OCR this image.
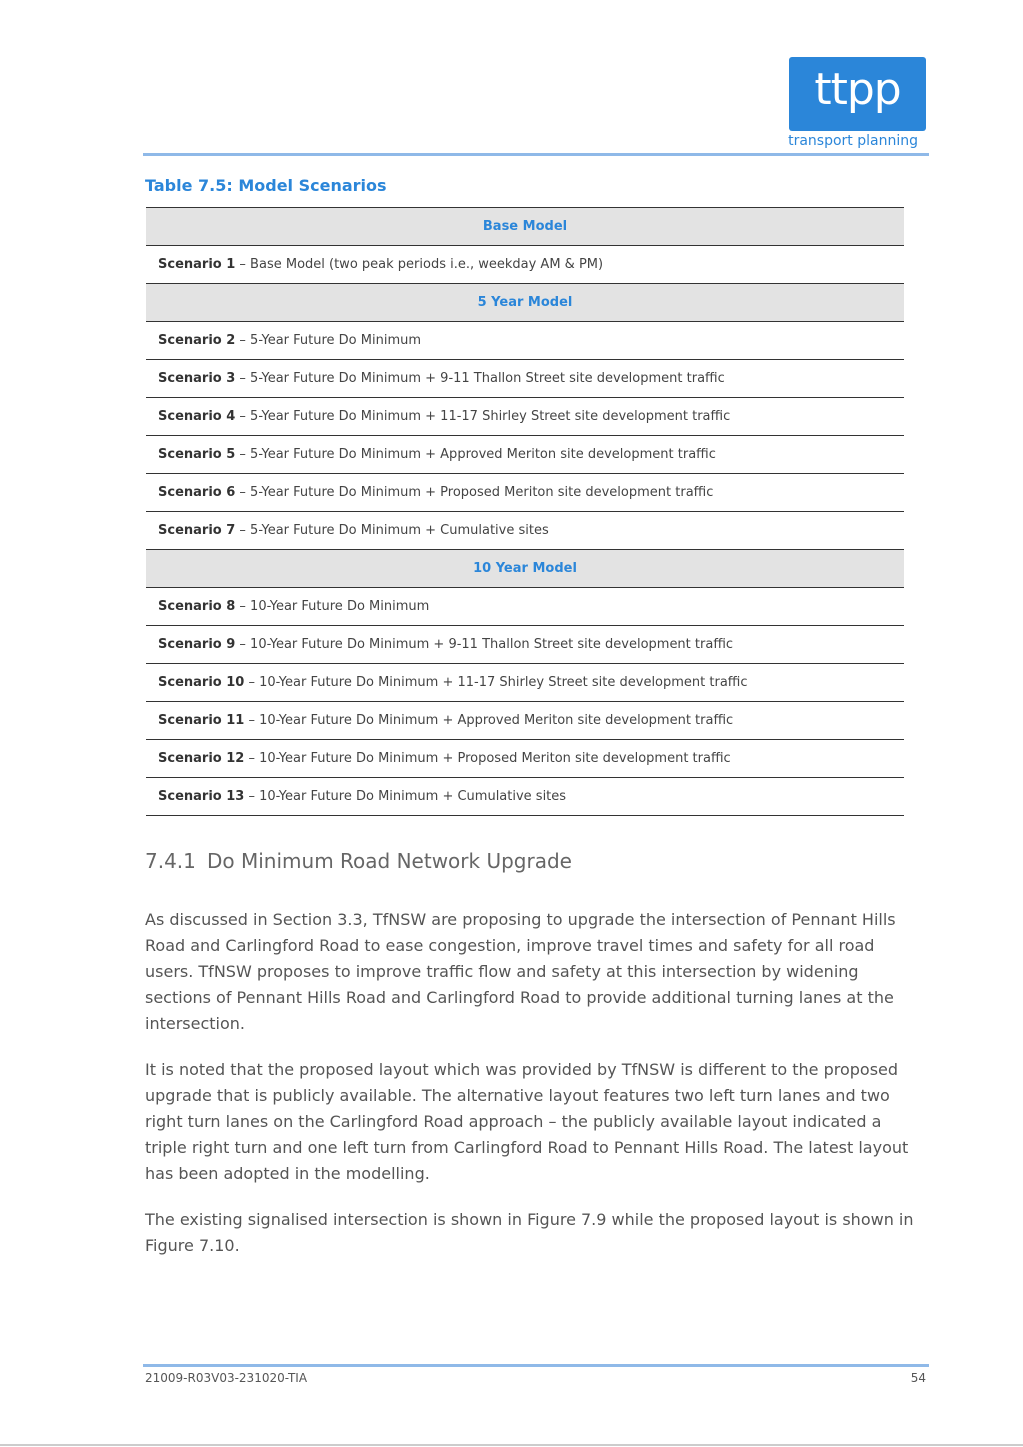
ttpp
transport planning
Table 7.5: Model Scenarios
Base Model
Scenario 1 – Base Model (two peak periods i.e., weekday AM & PM)
5 Year Model
Scenario 2 – 5-Year Future Do Minimum
Scenario 3 – 5-Year Future Do Minimum + 9-11 Thallon Street site development traffic
Scenario 4 – 5-Year Future Do Minimum + 11-17 Shirley Street site development traffic
Scenario 5 – 5-Year Future Do Minimum + Approved Meriton site development traffic
Scenario 6 – 5-Year Future Do Minimum + Proposed Meriton site development traffic
Scenario 7 – 5-Year Future Do Minimum + Cumulative sites
10 Year Model
Scenario 8 – 10-Year Future Do Minimum
Scenario 9 – 10-Year Future Do Minimum + 9-11 Thallon Street site development traffic
Scenario 10 – 10-Year Future Do Minimum + 11-17 Shirley Street site development traffic
Scenario 11 – 10-Year Future Do Minimum + Approved Meriton site development traffic
Scenario 12 – 10-Year Future Do Minimum + Proposed Meriton site development traffic
Scenario 13 – 10-Year Future Do Minimum + Cumulative sites
7.4.1 Do Minimum Road Network Upgrade

As discussed in Section 3.3, TfNSW are proposing to upgrade the intersection of Pennant Hills Road and Carlingford Road to ease congestion, improve travel times and safety for all road users. TfNSW proposes to improve traffic flow and safety at this intersection by widening sections of Pennant Hills Road and Carlingford Road to provide additional turning lanes at the intersection.

It is noted that the proposed layout which was provided by TfNSW is different to the proposed upgrade that is publicly available. The alternative layout features two left turn lanes and two right turn lanes on the Carlingford Road approach – the publicly available layout indicated a triple right turn and one left turn from Carlingford Road to Pennant Hills Road. The latest layout has been adopted in the modelling.

The existing signalised intersection is shown in Figure 7.9 while the proposed layout is shown in Figure 7.10.

21009-R03V03-231020-TIA	54
